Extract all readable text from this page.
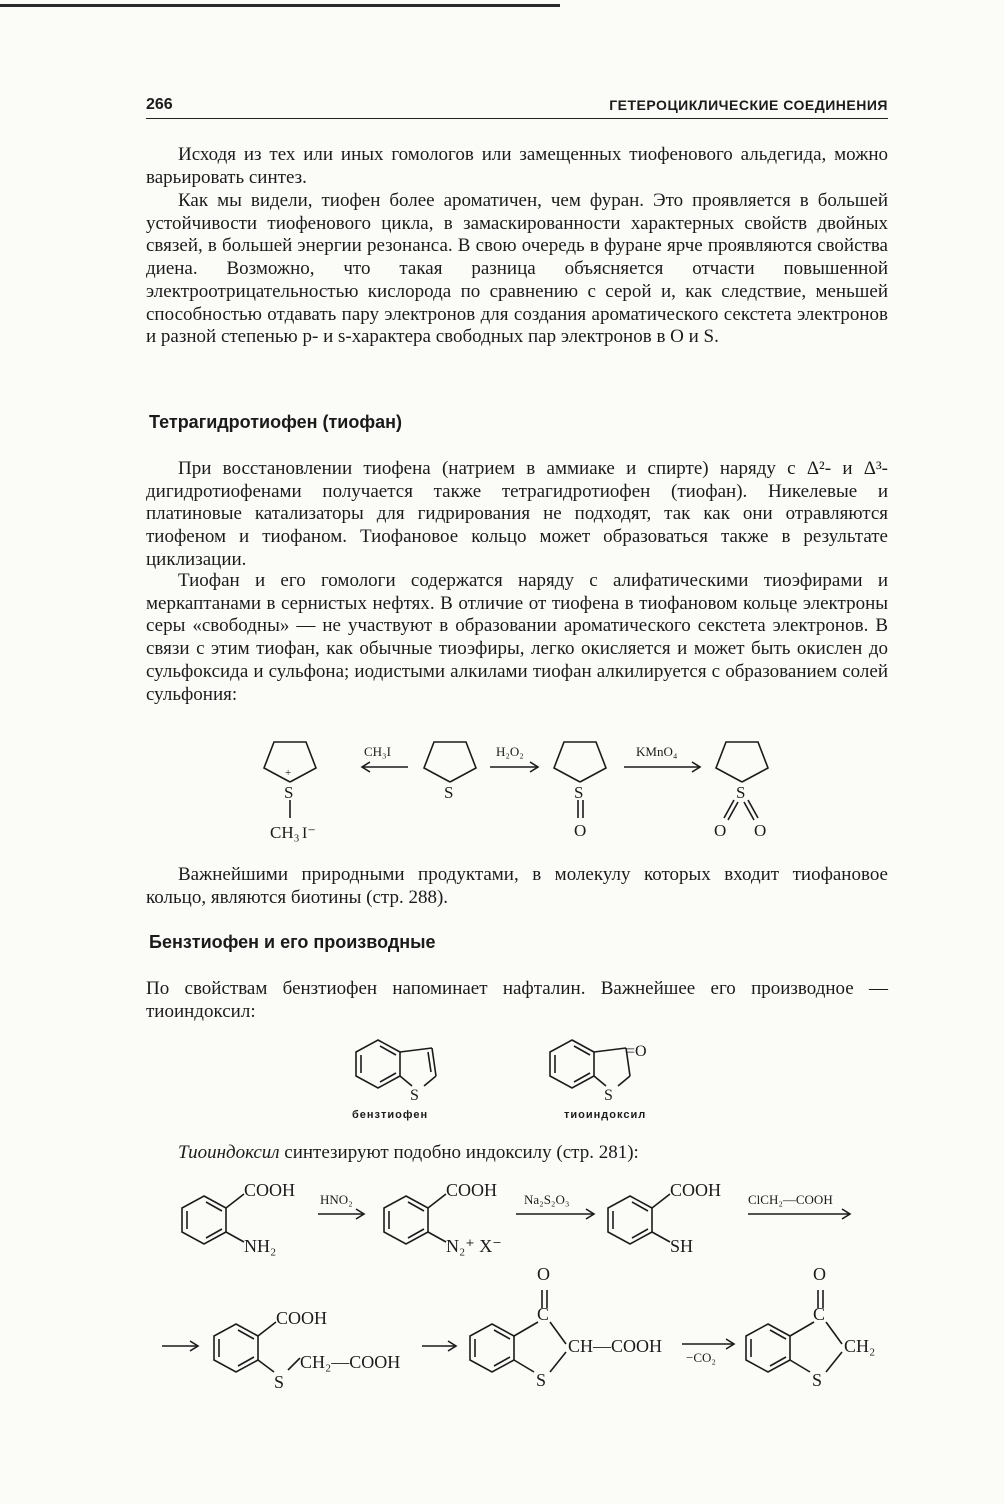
266	ГЕТЕРОЦИКЛИЧЕСКИЕ СОЕДИНЕНИЯ

Исходя из тех или иных гомологов или замещенных тиофенового альдегида, можно варьировать синтез.

Как мы видели, тиофен более ароматичен, чем фуран. Это проявляется в большей устойчивости тиофенового цикла, в замаскированности характерных свойств двойных связей, в большей энергии резонанса. В свою очередь в фуране ярче проявляются свойства диена. Возможно, что такая разница объясняется отчасти повышенной электроотрицательностью кислорода по сравнению с серой и, как следствие, меньшей способностью отдавать пару электронов для создания ароматического секстета электронов и разной степенью p- и s-характера свободных пар электронов в O и S.

Тетрагидротиофен (тиофан)

При восстановлении тиофена (натрием в аммиаке и спирте) наряду с Δ²- и Δ³-дигидротиофенами получается также тетрагидротиофен (тиофан). Никелевые и платиновые катализаторы для гидрирования не подходят, так как они отравляются тиофеном и тиофаном. Тиофановое кольцо может образоваться также в результате циклизации.

Тиофан и его гомологи содержатся наряду с алифатическими тиоэфирами и меркаптанами в сернистых нефтях. В отличие от тиофена в тиофановом кольце электроны серы «свободны» — не участвуют в образовании ароматического секстета электронов. В связи с этим тиофан, как обычные тиоэфиры, легко окисляется и может быть окислен до сульфоксида и сульфона; иодистыми алкилами тиофан алкилируется с образованием солей сульфония:

+
S
CH₃ I⁻
CH₃I
S
H₂O₂
S
O
KMnO₄
S
O O

Важнейшими природными продуктами, в молекулу которых входит тиофановое кольцо, являются биотины (стр. 288).

Бензтиофен и его производные

По свойствам бензтиофен напоминает нафталин. Важнейшее его производное — тиоиндоксил:

S	S
=O
бензтиофен	тиоиндоксил

Тиоиндоксил синтезируют подобно индоксилу (стр. 281):

COOH
NH₂
HNO₂	COOH
N₂⁺ X⁻
Na₂S₂O₃	COOH
SH
ClCH₂—COOH
COOH
S
CH₂—COOH
O
C
CH—COOH
S
−CO₂
O
C
CH₂
S
